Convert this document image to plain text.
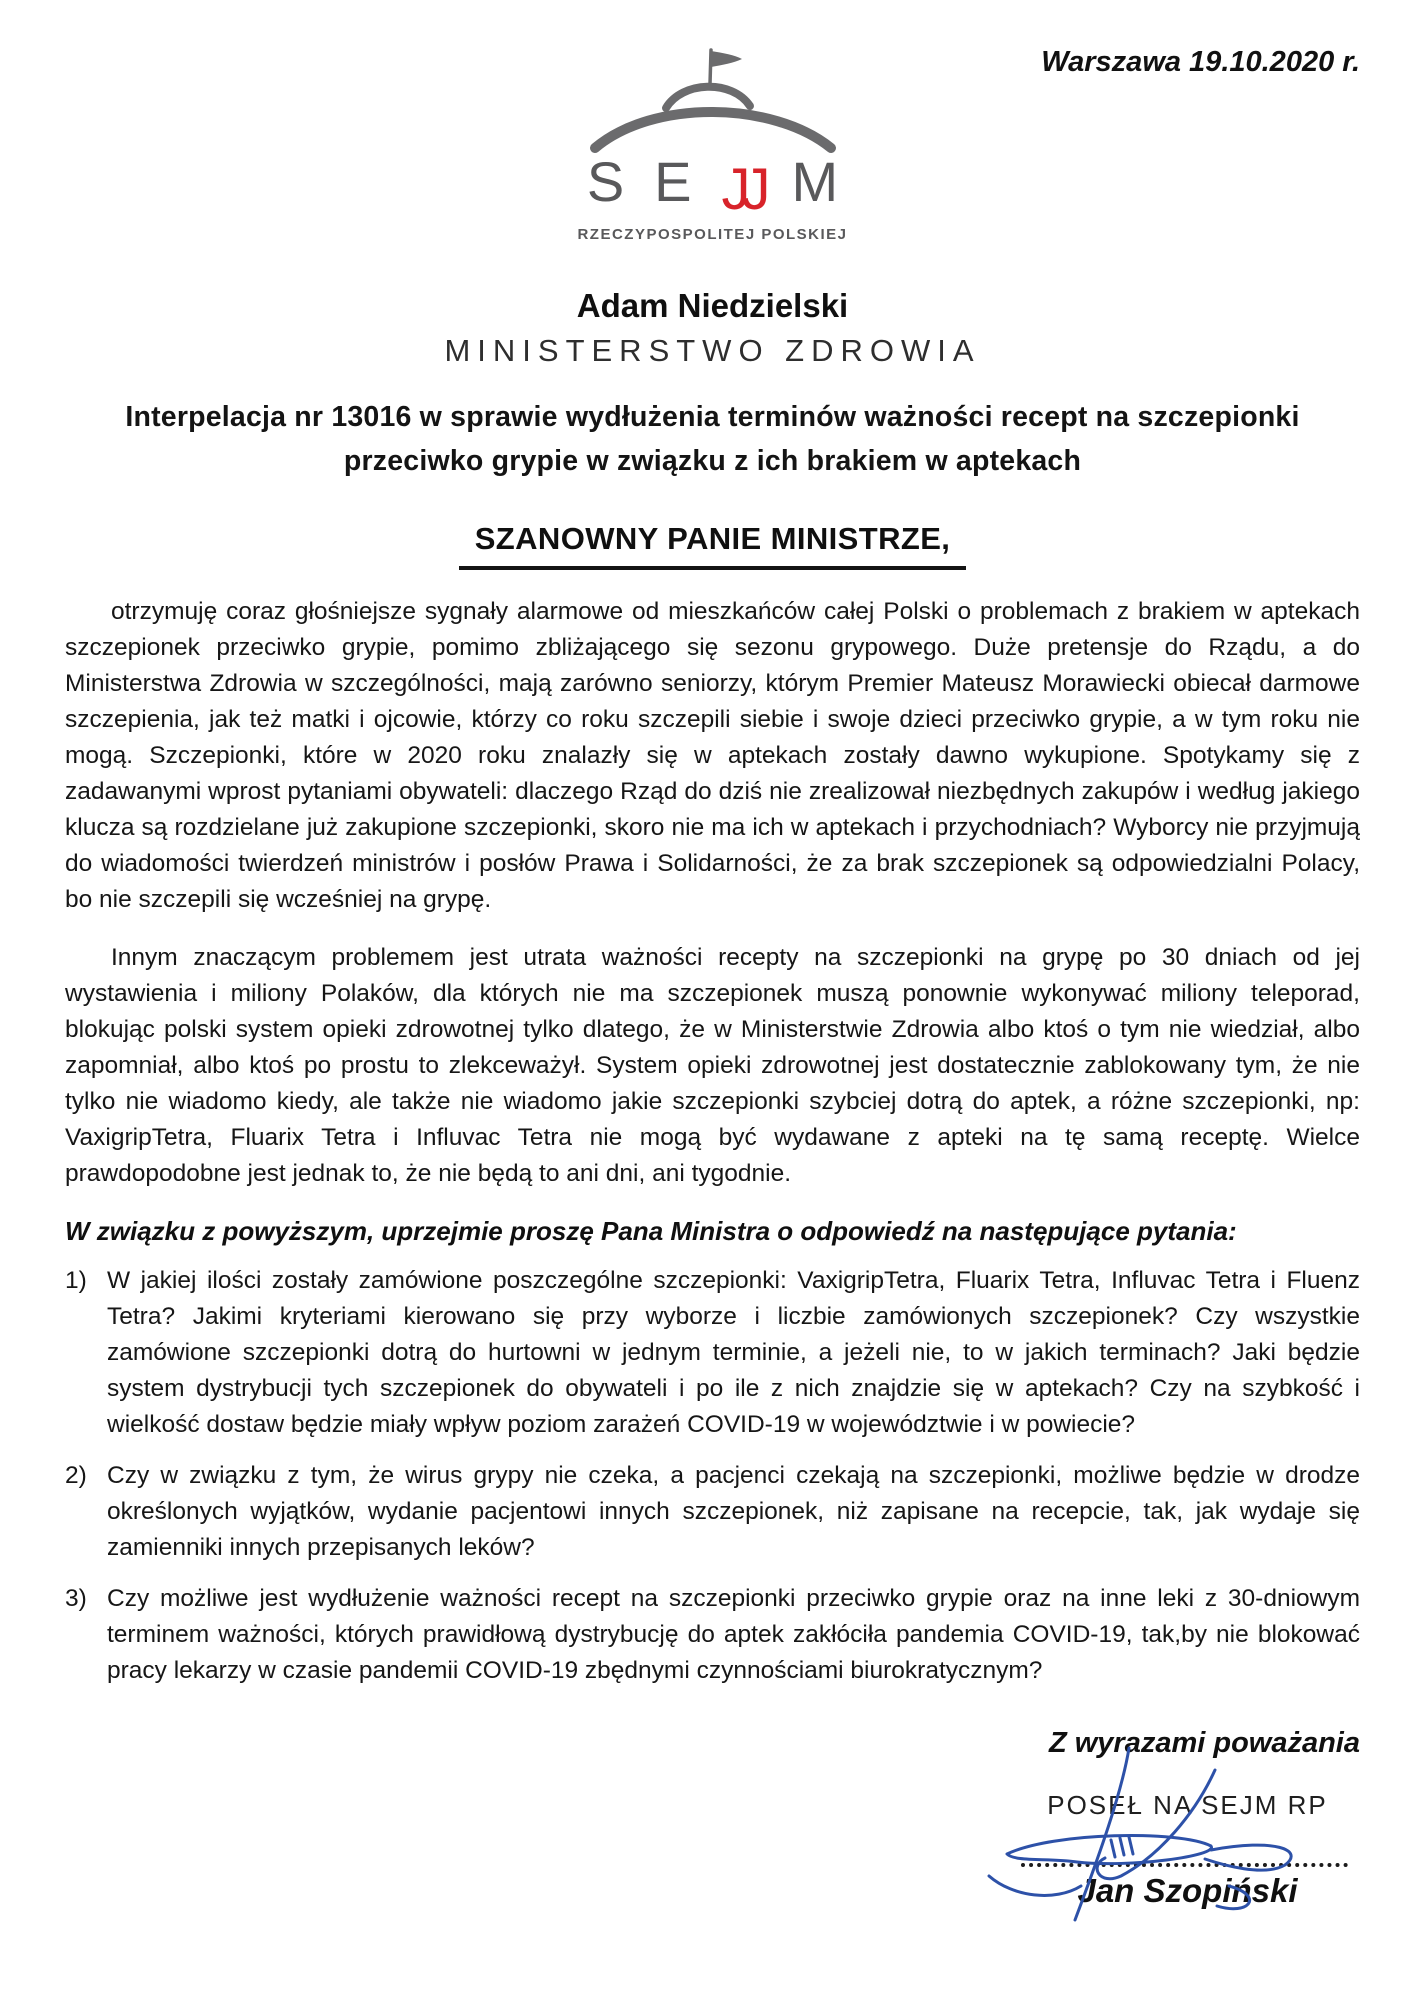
Warszawa 19.10.2020 r.
S E JJ M
RZECZYPOSPOLITEJ POLSKIEJ
Adam Niedzielski
MINISTERSTWO ZDROWIA
Interpelacja nr 13016 w sprawie wydłużenia terminów ważności recept na szczepionki przeciwko grypie w związku z ich brakiem w aptekach
SZANOWNY PANIE MINISTRZE,

otrzymuję coraz głośniejsze sygnały alarmowe od mieszkańców całej Polski o problemach z brakiem w aptekach szczepionek przeciwko grypie, pomimo zbliżającego się sezonu grypowego. Duże pretensje do Rządu, a do Ministerstwa Zdrowia w szczególności, mają zarówno seniorzy, którym Premier Mateusz Morawiecki obiecał darmowe szczepienia, jak też matki i ojcowie, którzy co roku szczepili siebie i swoje dzieci przeciwko grypie, a w tym roku nie mogą. Szczepionki, które w 2020 roku znalazły się w aptekach zostały dawno wykupione. Spotykamy się z zadawanymi wprost pytaniami obywateli: dlaczego Rząd do dziś nie zrealizował niezbędnych zakupów i według jakiego klucza są rozdzielane już zakupione szczepionki, skoro nie ma ich w aptekach i przychodniach? Wyborcy nie przyjmują do wiadomości twierdzeń ministrów i posłów Prawa i Solidarności, że za brak szczepionek są odpowiedzialni Polacy, bo nie szczepili się wcześniej na grypę.

Innym znaczącym problemem jest utrata ważności recepty na szczepionki na grypę po 30 dniach od jej wystawienia i miliony Polaków, dla których nie ma szczepionek muszą ponownie wykonywać miliony teleporad, blokując polski system opieki zdrowotnej tylko dlatego, że w Ministerstwie Zdrowia albo ktoś o tym nie wiedział, albo zapomniał, albo ktoś po prostu to zlekceważył. System opieki zdrowotnej jest dostatecznie zablokowany tym, że nie tylko nie wiadomo kiedy, ale także nie wiadomo jakie szczepionki szybciej dotrą do aptek, a różne szczepionki, np: VaxigripTetra, Fluarix Tetra i Influvac Tetra nie mogą być wydawane z apteki na tę samą receptę. Wielce prawdopodobne jest jednak to, że nie będą to ani dni, ani tygodnie.

W związku z powyższym, uprzejmie proszę Pana Ministra o odpowiedź na następujące pytania:

1) W jakiej ilości zostały zamówione poszczególne szczepionki: VaxigripTetra, Fluarix Tetra, Influvac Tetra i Fluenz Tetra? Jakimi kryteriami kierowano się przy wyborze i liczbie zamówionych szczepionek? Czy wszystkie zamówione szczepionki dotrą do hurtowni w jednym terminie, a jeżeli nie, to w jakich terminach? Jaki będzie system dystrybucji tych szczepionek do obywateli i po ile z nich znajdzie się w aptekach? Czy na szybkość i wielkość dostaw będzie miały wpływ poziom zarażeń COVID-19 w województwie i w powiecie?
2) Czy w związku z tym, że wirus grypy nie czeka, a pacjenci czekają na szczepionki, możliwe będzie w drodze określonych wyjątków, wydanie pacjentowi innych szczepionek, niż zapisane na recepcie, tak, jak wydaje się zamienniki innych przepisanych leków?
3) Czy możliwe jest wydłużenie ważności recept na szczepionki przeciwko grypie oraz na inne leki z 30-dniowym terminem ważności, których prawidłową dystrybucję do aptek zakłóciła pandemia COVID-19, tak,by nie blokować pracy lekarzy w czasie pandemii COVID-19 zbędnymi czynnościami biurokratycznym?
Z wyrazami poważania
POSEŁ NA SEJM RP
Jan Szopiński
